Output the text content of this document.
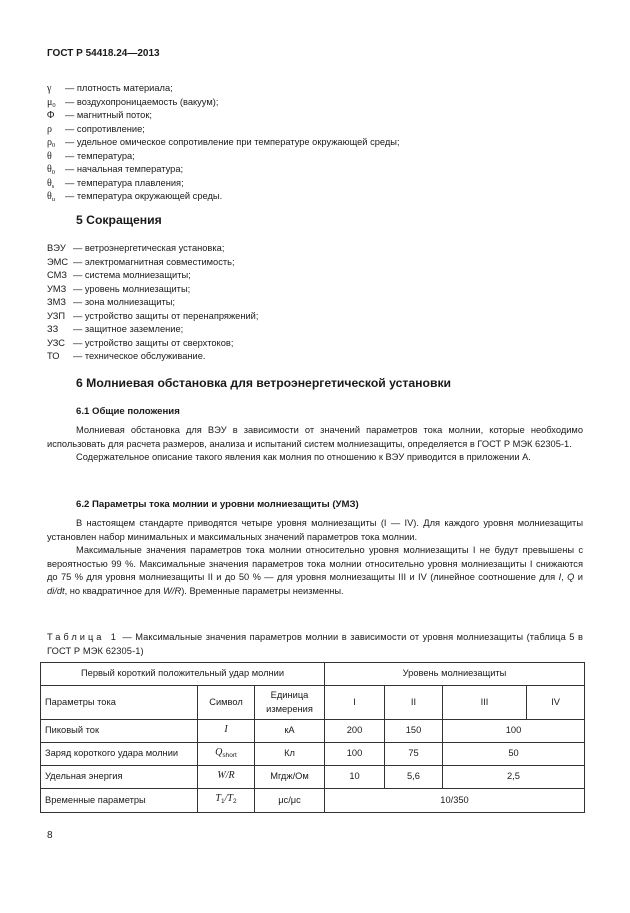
ГОСТ Р 54418.24—2013
γ	— плотность материала;
$\mu_0$	— воздухопроницаемость (вакуум);
Φ	— магнитный поток;
ρ	— сопротивление;
$\rho_0$	— удельное омическое сопротивление при температуре окружающей среды;
θ	— температура;
$\theta_0$	— начальная температура;
$\theta_s$	— температура плавления;
$\theta_u$	— температура окружающей среды.
5 Сокращения
ВЭУ — ветроэнергетическая установка;
ЭМС — электромагнитная совместимость;
СМЗ — система молниезащиты;
УМЗ — уровень молниезащиты;
ЗМЗ — зона молниезащиты;
УЗП — устройство защиты от перенапряжений;
ЗЗ	— защитное заземление;
УЗС — устройство защиты от сверхтоков;
ТО	— техническое обслуживание.
6 Молниевая обстановка для ветроэнергетической установки
6.1 Общие положения

Молниевая обстановка для ВЭУ в зависимости от значений параметров тока молнии, которые необходимо использовать для расчета размеров, анализа и испытаний систем молниезащиты, определяется в ГОСТ Р МЭК 62305-1.

Содержательное описание такого явления как молния по отношению к ВЭУ приводится в приложении А.

6.2 Параметры тока молнии и уровни молниезащиты (УМЗ)

В настоящем стандарте приводятся четыре уровня молниезащиты (I — IV). Для каждого уровня молниезащиты установлен набор минимальных и максимальных значений параметров тока молнии.

Максимальные значения параметров тока молнии относительно уровня молниезащиты I не будут превышены с вероятностью 99 %. Максимальные значения параметров тока молнии относительно уровня молниезащиты I снижаются до 75 % для уровня молниезащиты II и до 50 % — для уровня молниезащиты III и IV (линейное соотношение для I, Q и di/dt, но квадратичное для W/R). Временные параметры неизменны.

Таблица 1 — Максимальные значения параметров молнии в зависимости от уровня молниезащиты (таблица 5 в ГОСТ Р МЭК 62305-1)
Первый короткий положительный удар молнии			Уровень молниезащиты			
Параметры тока	Символ	Единица измерения	I	II	III	IV
Пиковый ток	I	кА	200	150	100	
Заряд короткого удара молнии	$Q_{short}$	Кл	100	75	50	
Удельная энергия	W/R	Мгдж/Ом	10	5,6	2,5	
Временные параметры	$T_1/T_2$	μс/μс	10/350			
8
